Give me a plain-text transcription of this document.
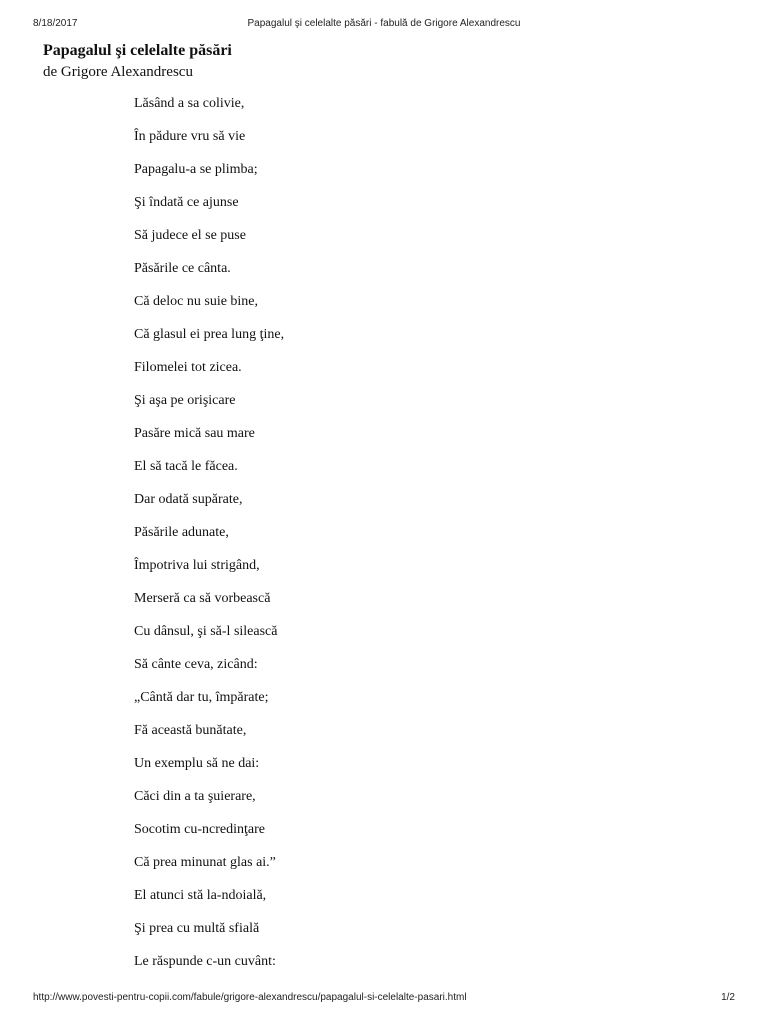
8/18/2017	Papagalul şi celelalte păsări - fabulă de Grigore Alexandrescu
Papagalul şi celelalte păsări

de Grigore Alexandrescu

Lăsând a sa colivie,
În pădure vru să vie
Papagalu-a se plimba;
Şi îndată ce ajunse
Să judece el se puse
Păsările ce cânta.
Că deloc nu suie bine,
Că glasul ei prea lung ţine,
Filomelei tot zicea.
Şi aşa pe orişicare
Pasăre mică sau mare
El să tacă le făcea.
Dar odată supărate,
Păsările adunate,
Împotriva lui strigând,
Merseră ca să vorbească
Cu dânsul, şi să-l silească
Să cânte ceva, zicând:
„Cântă dar tu, împărate;
Fă această bunătate,
Un exemplu să ne dai:
Căci din a ta şuierare,
Socotim cu-ncredinţare
Că prea minunat glas ai.”
El atunci stă la-ndoială,
Şi prea cu multă sfială
Le răspunde c-un cuvânt:
http://www.povesti-pentru-copii.com/fabule/grigore-alexandrescu/papagalul-si-celelalte-pasari.html	1/2
